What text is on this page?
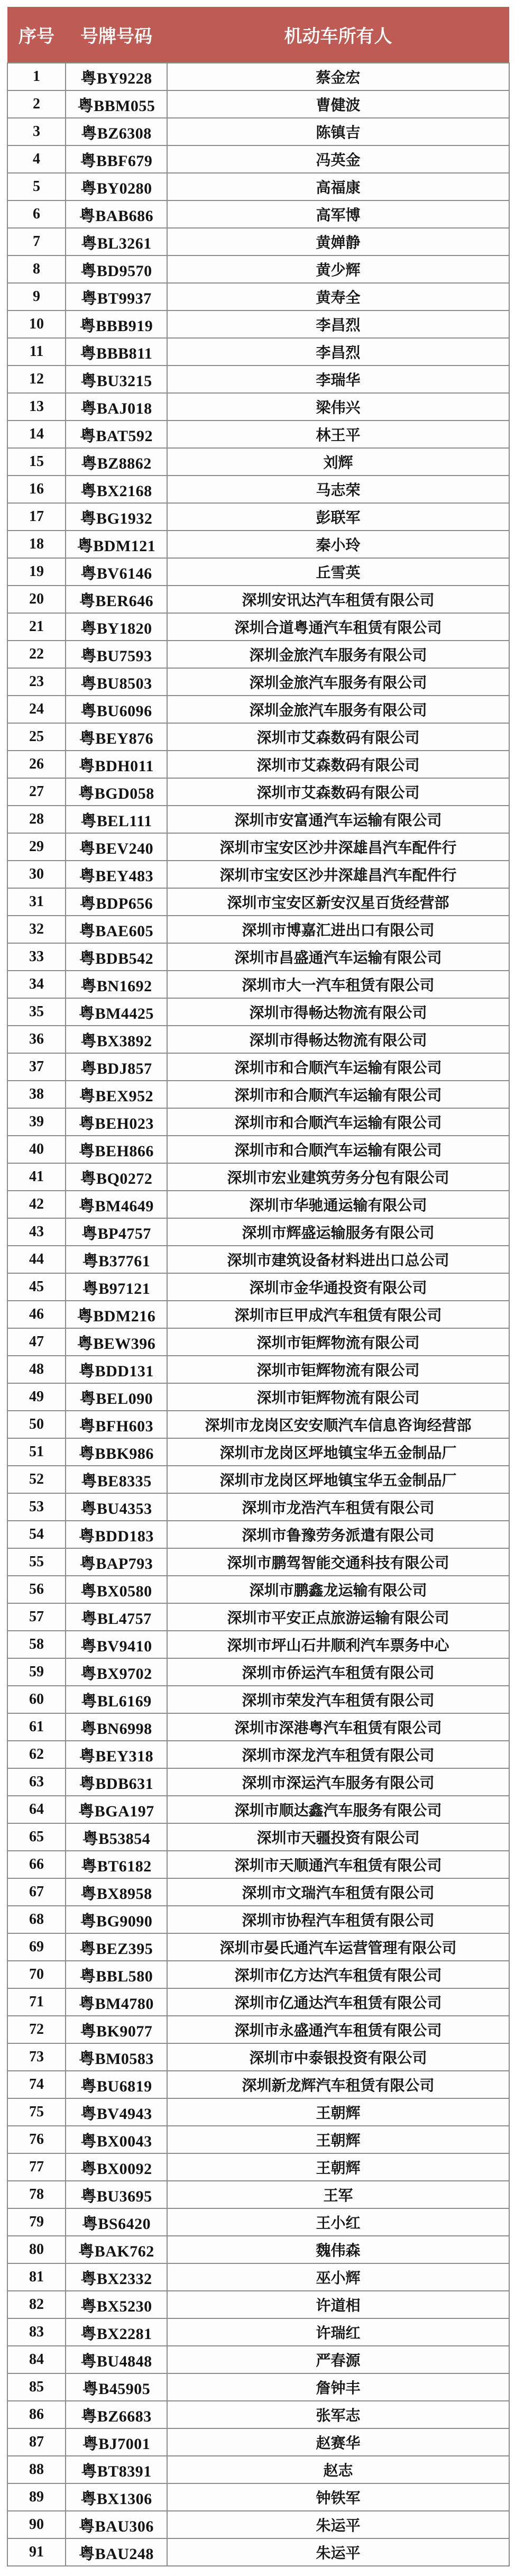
序号	号牌号码	机动车所有人
1	粤BY9228	蔡金宏
2	粤BBM055	曹健波
3	粤BZ6308	陈镇吉
4	粤BBF679	冯英金
5	粤BY0280	高福康
6	粤BAB686	高军博
7	粤BL3261	黄婵静
8	粤BD9570	黄少辉
9	粤BT9937	黄寿全
10	粤BBB919	李昌烈
11	粤BBB811	李昌烈
12	粤BU3215	李瑞华
13	粤BAJ018	梁伟兴
14	粤BAT592	林王平
15	粤BZ8862	刘辉
16	粤BX2168	马志荣
17	粤BG1932	彭联军
18	粤BDM121	秦小玲
19	粤BV6146	丘雪英
20	粤BER646	深圳安讯达汽车租赁有限公司
21	粤BY1820	深圳合道粤通汽车租赁有限公司
22	粤BU7593	深圳金旅汽车服务有限公司
23	粤BU8503	深圳金旅汽车服务有限公司
24	粤BU6096	深圳金旅汽车服务有限公司
25	粤BEY876	深圳市艾森数码有限公司
26	粤BDH011	深圳市艾森数码有限公司
27	粤BGD058	深圳市艾森数码有限公司
28	粤BEL111	深圳市安富通汽车运输有限公司
29	粤BEV240	深圳市宝安区沙井深雄昌汽车配件行
30	粤BEY483	深圳市宝安区沙井深雄昌汽车配件行
31	粤BDP656	深圳市宝安区新安汉星百货经营部
32	粤BAE605	深圳市博嘉汇进出口有限公司
33	粤BDB542	深圳市昌盛通汽车运输有限公司
34	粤BN1692	深圳市大一汽车租赁有限公司
35	粤BM4425	深圳市得畅达物流有限公司
36	粤BX3892	深圳市得畅达物流有限公司
37	粤BDJ857	深圳市和合顺汽车运输有限公司
38	粤BEX952	深圳市和合顺汽车运输有限公司
39	粤BEH023	深圳市和合顺汽车运输有限公司
40	粤BEH866	深圳市和合顺汽车运输有限公司
41	粤BQ0272	深圳市宏业建筑劳务分包有限公司
42	粤BM4649	深圳市华驰通运输有限公司
43	粤BP4757	深圳市辉盛运输服务有限公司
44	粤B37761	深圳市建筑设备材料进出口总公司
45	粤B97121	深圳市金华通投资有限公司
46	粤BDM216	深圳市巨甲成汽车租赁有限公司
47	粤BEW396	深圳市钜辉物流有限公司
48	粤BDD131	深圳市钜辉物流有限公司
49	粤BEL090	深圳市钜辉物流有限公司
50	粤BFH603	深圳市龙岗区安安顺汽车信息咨询经营部
51	粤BBK986	深圳市龙岗区坪地镇宝华五金制品厂
52	粤BE8335	深圳市龙岗区坪地镇宝华五金制品厂
53	粤BU4353	深圳市龙浩汽车租赁有限公司
54	粤BDD183	深圳市鲁豫劳务派遣有限公司
55	粤BAP793	深圳市鹏驾智能交通科技有限公司
56	粤BX0580	深圳市鹏鑫龙运输有限公司
57	粤BL4757	深圳市平安正点旅游运输有限公司
58	粤BV9410	深圳市坪山石井顺利汽车票务中心
59	粤BX9702	深圳市侨运汽车租赁有限公司
60	粤BL6169	深圳市荣发汽车租赁有限公司
61	粤BN6998	深圳市深港粤汽车租赁有限公司
62	粤BEY318	深圳市深龙汽车租赁有限公司
63	粤BDB631	深圳市深运汽车服务有限公司
64	粤BGA197	深圳市顺达鑫汽车服务有限公司
65	粤B53854	深圳市天疆投资有限公司
66	粤BT6182	深圳市天顺通汽车租赁有限公司
67	粤BX8958	深圳市文瑞汽车租赁有限公司
68	粤BG9090	深圳市协程汽车租赁有限公司
69	粤BEZ395	深圳市晏氏通汽车运营管理有限公司
70	粤BBL580	深圳市亿方达汽车租赁有限公司
71	粤BM4780	深圳市亿通达汽车租赁有限公司
72	粤BK9077	深圳市永盛通汽车租赁有限公司
73	粤BM0583	深圳市中泰银投资有限公司
74	粤BU6819	深圳新龙辉汽车租赁有限公司
75	粤BV4943	王朝辉
76	粤BX0043	王朝辉
77	粤BX0092	王朝辉
78	粤BU3695	王军
79	粤BS6420	王小红
80	粤BAK762	魏伟森
81	粤BX2332	巫小辉
82	粤BX5230	许道相
83	粤BX2281	许瑞红
84	粤BU4848	严春源
85	粤B45905	詹钟丰
86	粤BZ6683	张军志
87	粤BJ7001	赵赛华
88	粤BT8391	赵志
89	粤BX1306	钟铁军
90	粤BAU306	朱运平
91	粤BAU248	朱运平
